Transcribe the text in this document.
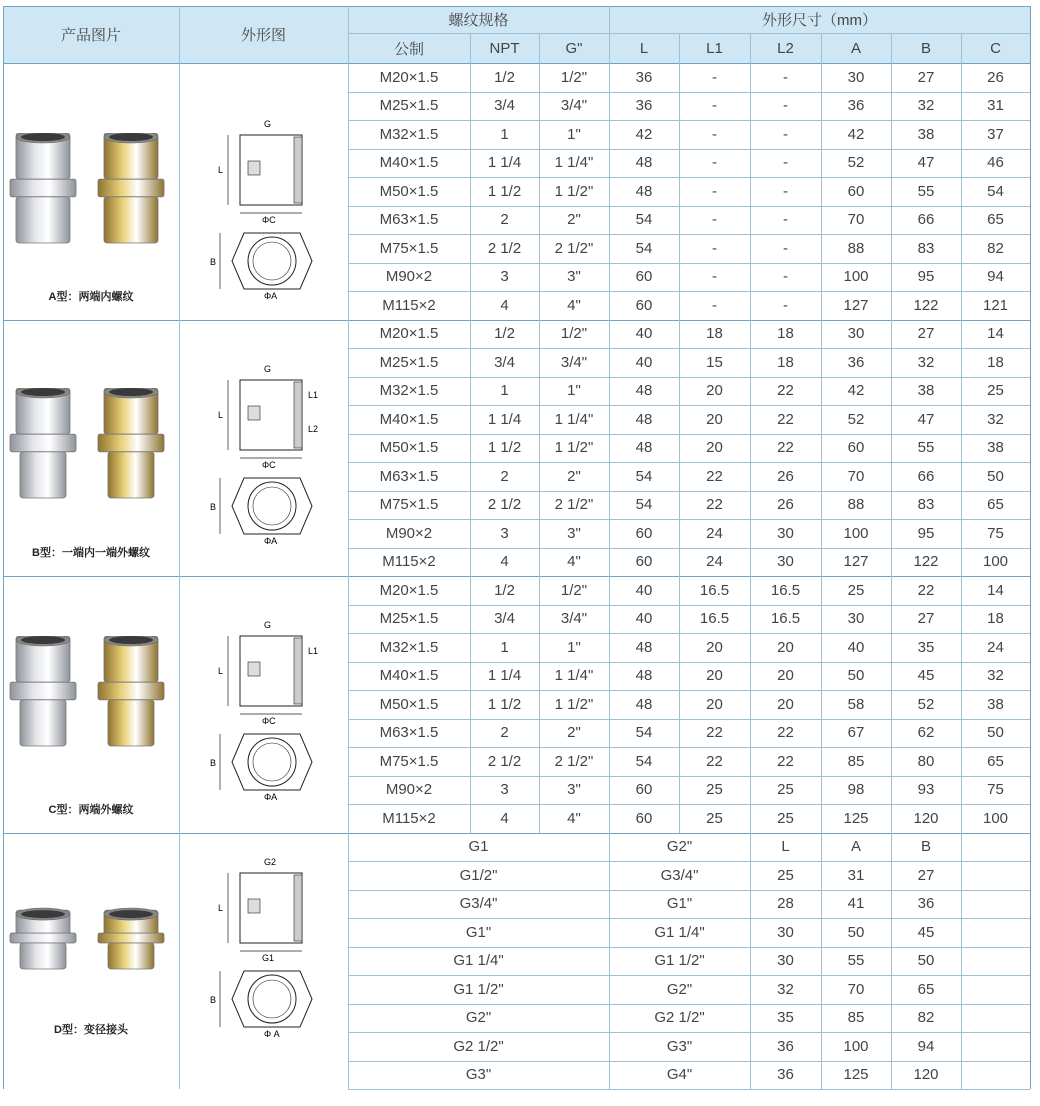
产品图片	外形图
螺纹规格	外形尺寸（mm）
公制	NPT	G"	L	L1	L2	A	B	C
M20×1.5	1/2	1/2"	36	-	-	30	27	26
M25×1.5	3/4	3/4"	36	-	-	36	32	31
M32×1.5	1	1"	42	-	-	42	38	37
M40×1.5	1 1/4	1 1/4"	48	-	-	52	47	46
M50×1.5	1 1/2	1 1/2"	48	-	-	60	55	54
M63×1.5	2	2"	54	-	-	70	66	65
M75×1.5	2 1/2	2 1/2"	54	-	-	88	83	82
M90×2	3	3"	60	-	-	100	95	94
M115×2	4	4"	60	-	-	127	122	121
A型：两端内螺纹
M20×1.5	1/2	1/2"	40	18	18	30	27	14
M25×1.5	3/4	3/4"	40	15	18	36	32	18
M32×1.5	1	1"	48	20	22	42	38	25
M40×1.5	1 1/4	1 1/4"	48	20	22	52	47	32
M50×1.5	1 1/2	1 1/2"	48	20	22	60	55	38
M63×1.5	2	2"	54	22	26	70	66	50
M75×1.5	2 1/2	2 1/2"	54	22	26	88	83	65
M90×2	3	3"	60	24	30	100	95	75
M115×2	4	4"	60	24	30	127	122	100
B型：一端内一端外螺纹
M20×1.5	1/2	1/2"	40	16.5	16.5	25	22	14
M25×1.5	3/4	3/4"	40	16.5	16.5	30	27	18
M32×1.5	1	1"	48	20	20	40	35	24
M40×1.5	1 1/4	1 1/4"	48	20	20	50	45	32
M50×1.5	1 1/2	1 1/2"	48	20	20	58	52	38
M63×1.5	2	2"	54	22	22	67	62	50
M75×1.5	2 1/2	2 1/2"	54	22	22	85	80	65
M90×2	3	3"	60	25	25	98	93	75
M115×2	4	4"	60	25	25	125	120	100
C型：两端外螺纹
G1	G2"	L	A	B
G1/2"	G3/4"	25	31	27
G3/4"	G1"	28	41	36
G1"	G1 1/4"	30	50	45
G1 1/4"	G1 1/2"	30	55	50
G1 1/2"	G2"	32	70	65
G2"	G2 1/2"	35	85	82
G2 1/2"	G3"	36	100	94
G3"	G4"	36	125	120
D型：变径接头
L
G
ΦC
B
ΦA
L
G
ΦC
B
ΦA
L1
L2
L
G
ΦC
B
ΦA
L1
L
G2
G1
B
Φ A
